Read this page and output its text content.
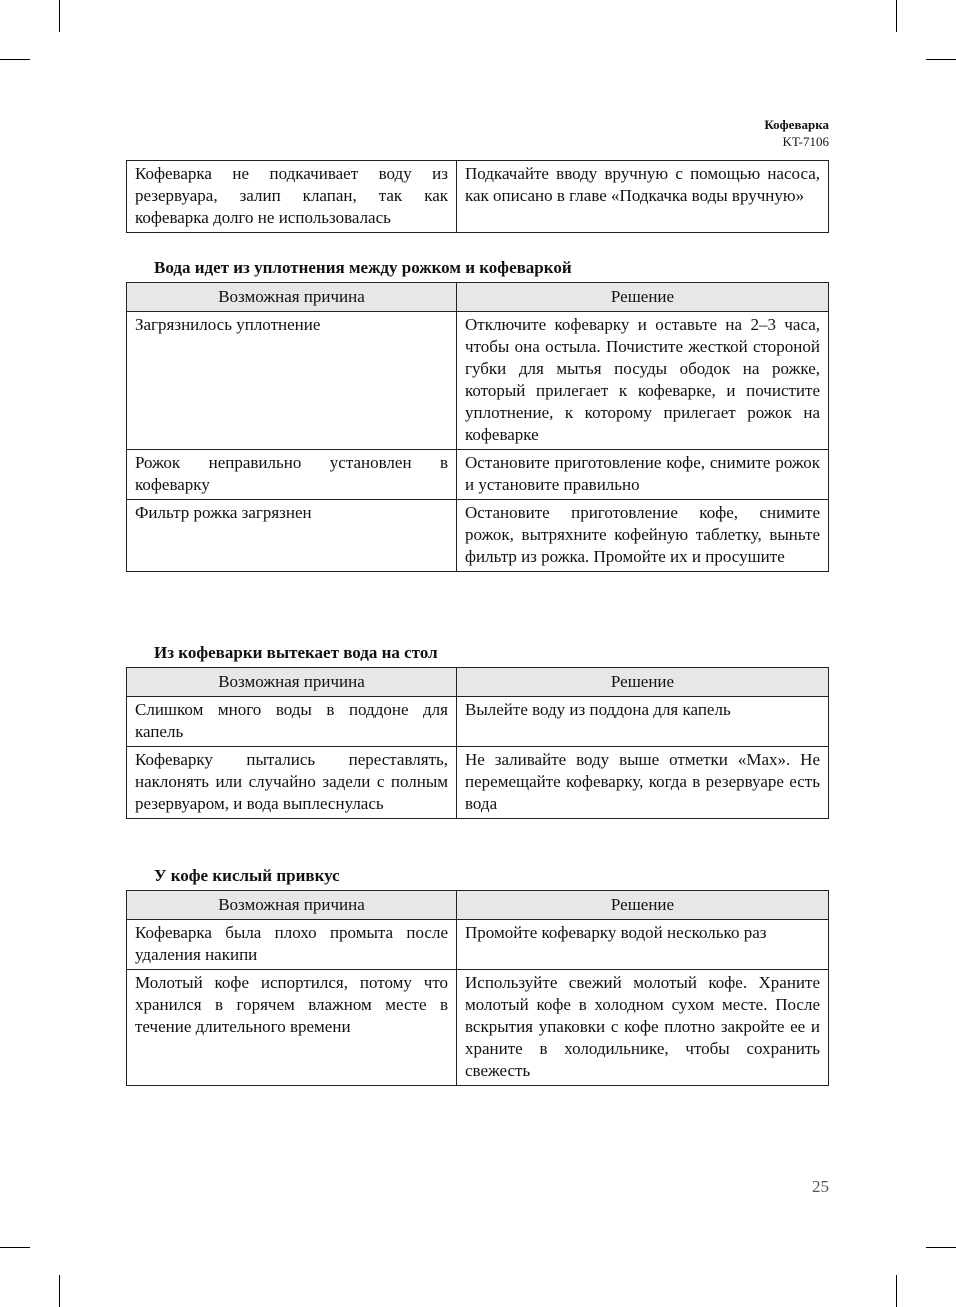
Кофеварка
KT-7106
Кофеварка не подкачивает воду из резервуара, залип клапан, так как кофеварка долго не использовалась	Подкачайте вводу вручную с помощью насоса, как описано в главе «Подкачка воды вручную»
Вода идет из уплотнения между рожком и кофеваркой
Возможная причина	Решение
Загрязнилось уплотнение	Отключите кофеварку и оставьте на 2–3 часа, чтобы она остыла. Почистите жесткой стороной губки для мытья посуды ободок на рожке, который прилегает к кофеварке, и почистите уплотнение, к которому прилегает рожок на кофеварке
Рожок неправильно установлен в кофеварку	Остановите приготовление кофе, снимите рожок и установите правильно
Фильтр рожка загрязнен	Остановите приготовление кофе, снимите рожок, вытряхните кофейную таблетку, выньте фильтр из рожка. Промойте их и просушите
Из кофеварки вытекает вода на стол
Возможная причина	Решение
Слишком много воды в поддоне для капель	Вылейте воду из поддона для капель
Кофеварку пытались переставлять, наклонять или случайно задели с полным резервуаром, и вода выплеснулась	Не заливайте воду выше отметки «Max». Не перемещайте кофеварку, когда в резервуаре есть вода
У кофе кислый привкус
Возможная причина	Решение
Кофеварка была плохо промыта после удаления накипи	Промойте кофеварку водой несколько раз
Молотый кофе испортился, потому что хранился в горячем влажном месте в течение длительного времени	Используйте свежий молотый кофе. Храните молотый кофе в холодном сухом месте. После вскрытия упаковки с кофе плотно закройте ее и храните в холодильнике, чтобы сохранить свежесть
25
